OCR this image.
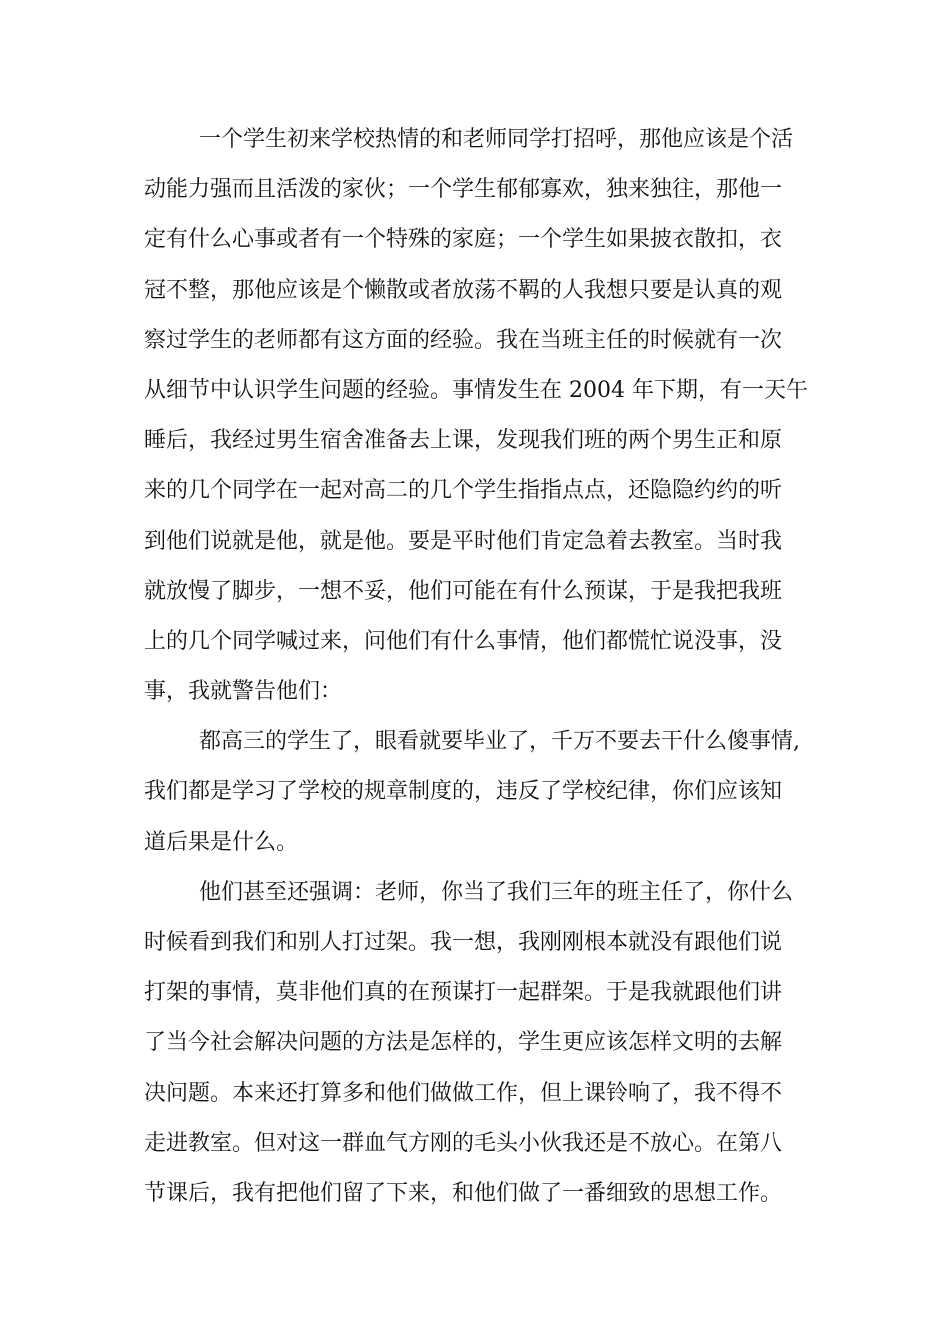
一个学生初来学校热情的和老师同学打招呼，那他应该是个活
动能力强而且活泼的家伙；一个学生郁郁寡欢，独来独往，那他一
定有什么心事或者有一个特殊的家庭；一个学生如果披衣散扣，衣
冠不整，那他应该是个懒散或者放荡不羁的人我想只要是认真的观
察过学生的老师都有这方面的经验。我在当班主任的时候就有一次
从细节中认识学生问题的经验。事情发生在 2004 年下期，有一天午
睡后，我经过男生宿舍准备去上课，发现我们班的两个男生正和原
来的几个同学在一起对高二的几个学生指指点点，还隐隐约约的听
到他们说就是他，就是他。要是平时他们肯定急着去教室。当时我
就放慢了脚步，一想不妥，他们可能在有什么预谋，于是我把我班
上的几个同学喊过来，问他们有什么事情，他们都慌忙说没事，没
事，我就警告他们：
都高三的学生了，眼看就要毕业了，千万不要去干什么傻事情,
我们都是学习了学校的规章制度的，违反了学校纪律，你们应该知
道后果是什么。
他们甚至还强调：老师，你当了我们三年的班主任了，你什么
时候看到我们和别人打过架。我一想，我刚刚根本就没有跟他们说
打架的事情，莫非他们真的在预谋打一起群架。于是我就跟他们讲
了当今社会解决问题的方法是怎样的，学生更应该怎样文明的去解
决问题。本来还打算多和他们做做工作，但上课铃响了，我不得不
走进教室。但对这一群血气方刚的毛头小伙我还是不放心。在第八
节课后，我有把他们留了下来，和他们做了一番细致的思想工作。
